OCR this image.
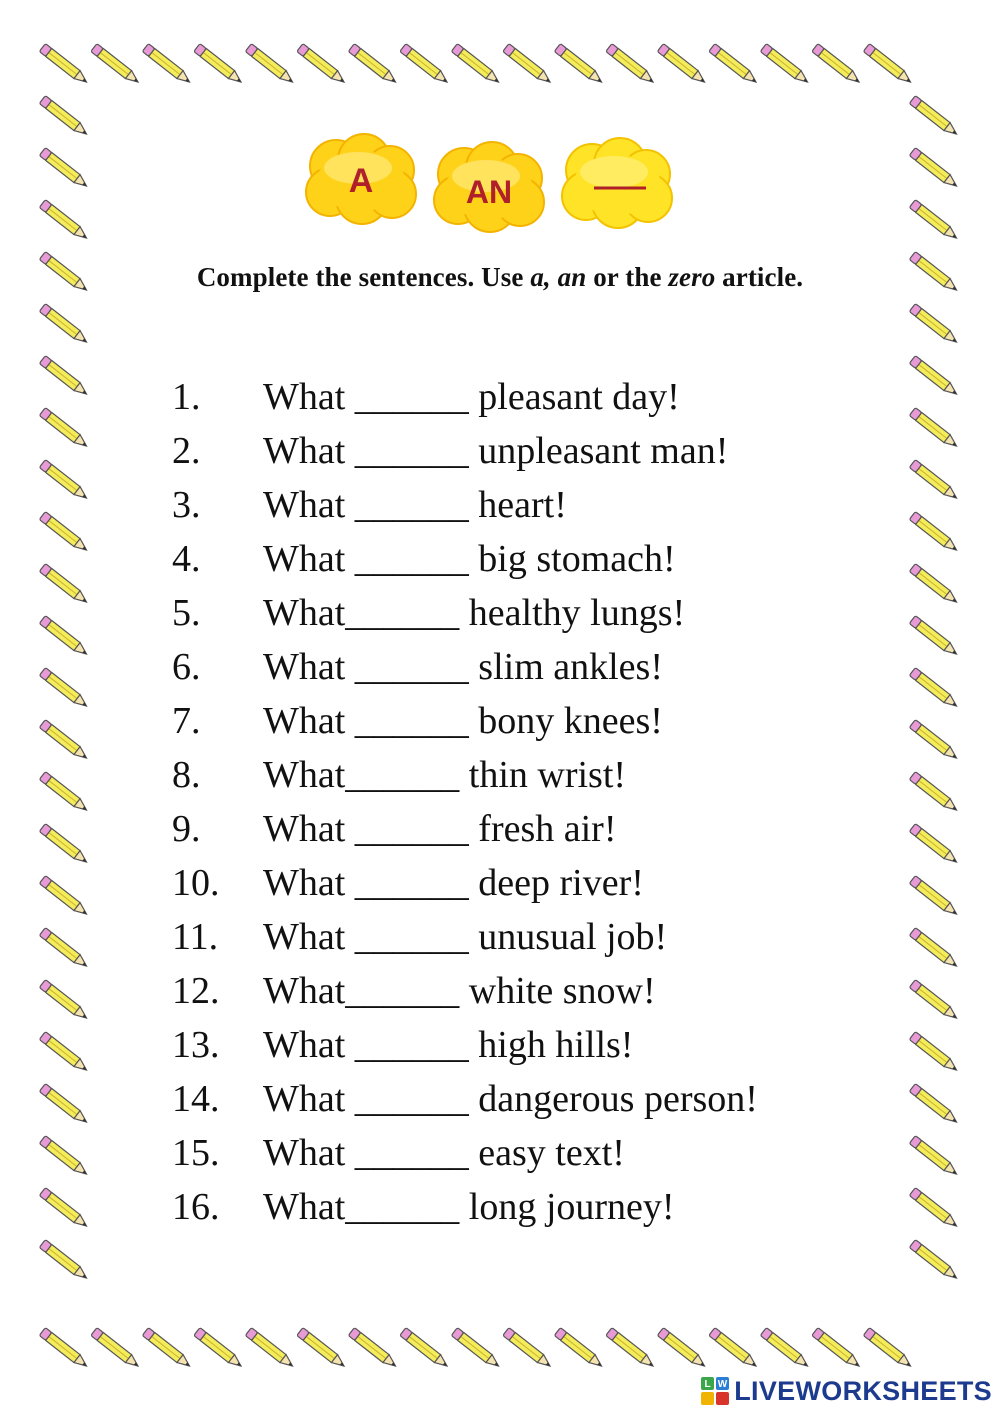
A	AN
Complete the sentences. Use a, an or the zero article.
1. What ______ pleasant day!
2. What ______ unpleasant man!
3. What ______ heart!
4. What ______ big stomach!
5. What______ healthy lungs!
6. What ______ slim ankles!
7. What ______ bony knees!
8. What______ thin wrist!
9. What ______ fresh air!
10. What ______ deep river!
11. What ______ unusual job!
12. What______ white snow!
13. What ______ high hills!
14. What ______ dangerous person!
15. What ______ easy text!
16. What______ long journey!
L W LIVEWORKSHEETS
